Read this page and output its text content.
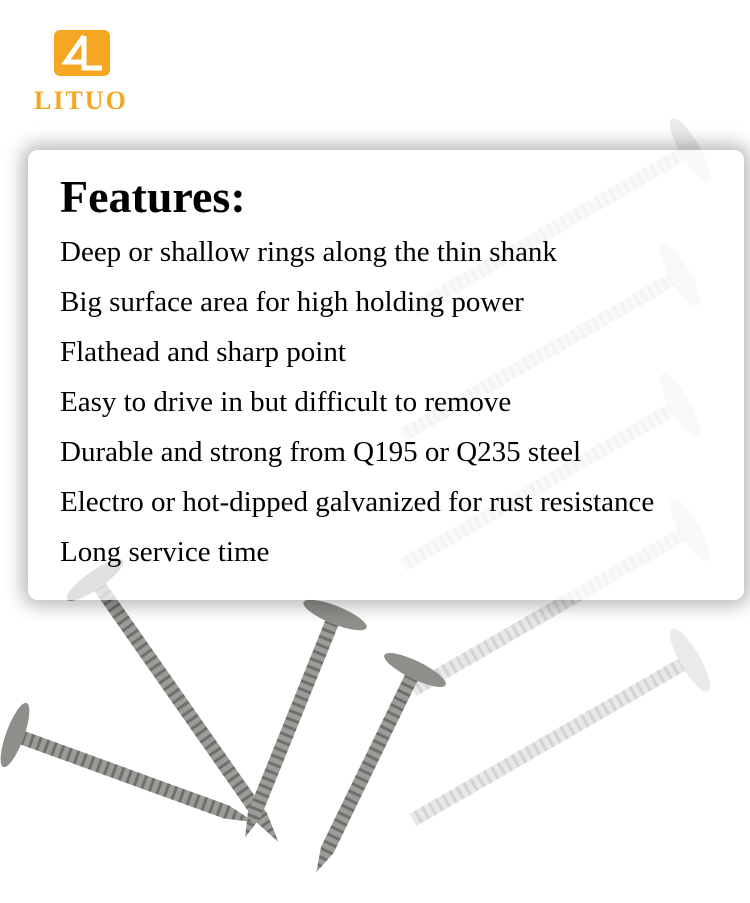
LITUO
Features:
Deep or shallow rings along the thin shank
Big surface area for high holding power
Flathead and sharp point
Easy to drive in but difficult to remove
Durable and strong from Q195 or Q235 steel
Electro or hot-dipped galvanized for rust resistance
Long service time
